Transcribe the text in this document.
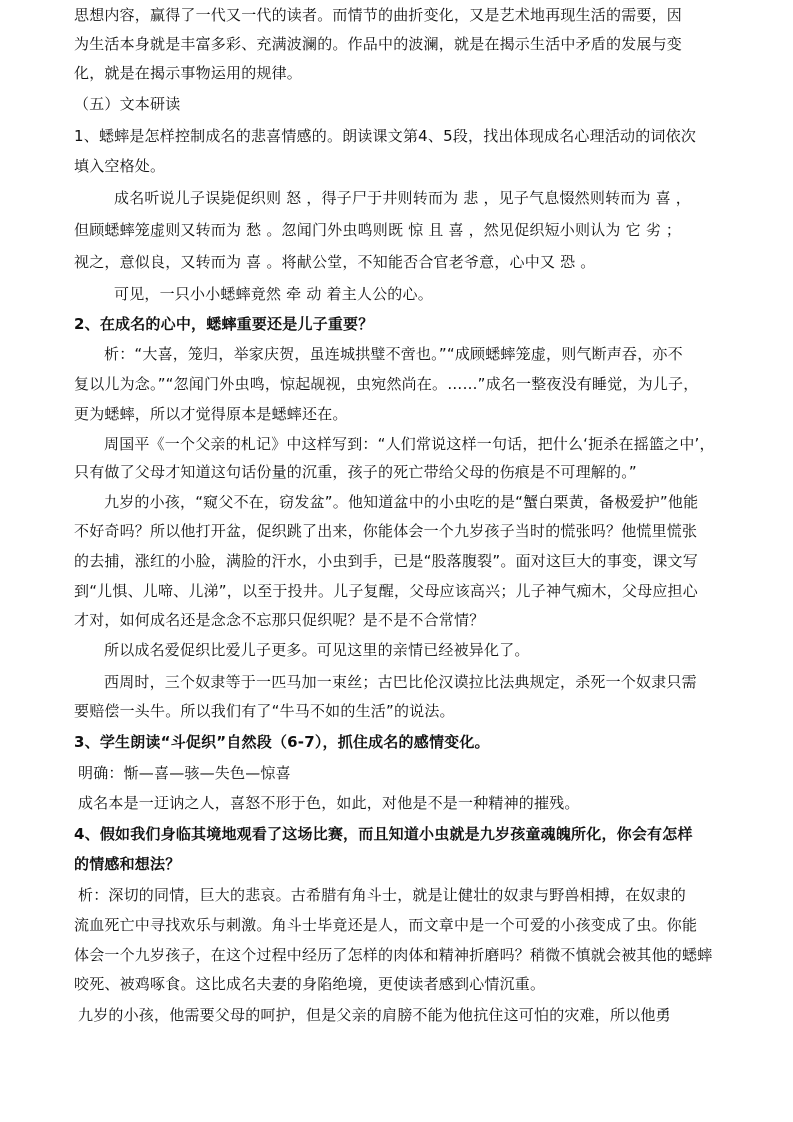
思想内容，赢得了一代又一代的读者。而情节的曲折变化，又是艺术地再现生活的需要，因

为生活本身就是丰富多彩、充满波澜的。作品中的波澜，就是在揭示生活中矛盾的发展与变

化，就是在揭示事物运用的规律。

（五）文本研读

1、蟋蟀是怎样控制成名的悲喜情感的。朗读课文第4、5段，找出体现成名心理活动的词依次

填入空格处。

成名听说儿子误毙促织则 怒 ，得子尸于井则转而为 悲 ，见子气息惙然则转而为 喜 ，

但顾蟋蟀笼虚则又转而为 愁 。忽闻门外虫鸣则既 惊 且 喜 ，然见促织短小则认为 它 劣 ；

视之，意似良，又转而为 喜 。将献公堂，不知能否合官老爷意，心中又 恐 。

可见，一只小小蟋蟀竟然 牵 动 着主人公的心。

2、在成名的心中，蟋蟀重要还是儿子重要？

析：“大喜，笼归，举家庆贺，虽连城拱璧不啻也。”“成顾蟋蟀笼虚，则气断声吞，亦不

复以儿为念。”“忽闻门外虫鸣，惊起觇视，虫宛然尚在。……”成名一整夜没有睡觉，为儿子，

更为蟋蟀，所以才觉得原本是蟋蟀还在。

周国平《一个父亲的札记》中这样写到：“人们常说这样一句话，把什么‘扼杀在摇篮之中’，

只有做了父母才知道这句话份量的沉重，孩子的死亡带给父母的伤痕是不可理解的。”

九岁的小孩，“窥父不在，窃发盆”。他知道盆中的小虫吃的是“蟹白栗黄，备极爱护”他能

不好奇吗？所以他打开盆，促织跳了出来，你能体会一个九岁孩子当时的慌张吗？他慌里慌张

的去捕，涨红的小脸，满脸的汗水，小虫到手，已是“股落腹裂”。面对这巨大的事变，课文写

到“儿惧、儿啼、儿涕”，以至于投井。儿子复醒，父母应该高兴；儿子神气痴木，父母应担心

才对，如何成名还是念念不忘那只促织呢？是不是不合常情？

所以成名爱促织比爱儿子更多。可见这里的亲情已经被异化了。

西周时，三个奴隶等于一匹马加一束丝；古巴比伦汉谟拉比法典规定，杀死一个奴隶只需

要赔偿一头牛。所以我们有了“牛马不如的生活”的说法。

3、学生朗读“斗促织”自然段（6-7），抓住成名的感情变化。

明确：惭—喜—骇—失色—惊喜

成名本是一迂讷之人，喜怒不形于色，如此，对他是不是一种精神的摧残。

4、假如我们身临其境地观看了这场比赛，而且知道小虫就是九岁孩童魂魄所化，你会有怎样

的情感和想法？

析：深切的同情，巨大的悲哀。古希腊有角斗士，就是让健壮的奴隶与野兽相搏，在奴隶的

流血死亡中寻找欢乐与刺激。角斗士毕竟还是人，而文章中是一个可爱的小孩变成了虫。你能

体会一个九岁孩子，在这个过程中经历了怎样的肉体和精神折磨吗？稍微不慎就会被其他的蟋蟀

咬死、被鸡啄食。这比成名夫妻的身陷绝境，更使读者感到心情沉重。

九岁的小孩，他需要父母的呵护，但是父亲的肩膀不能为他抗住这可怕的灾难，所以他勇
